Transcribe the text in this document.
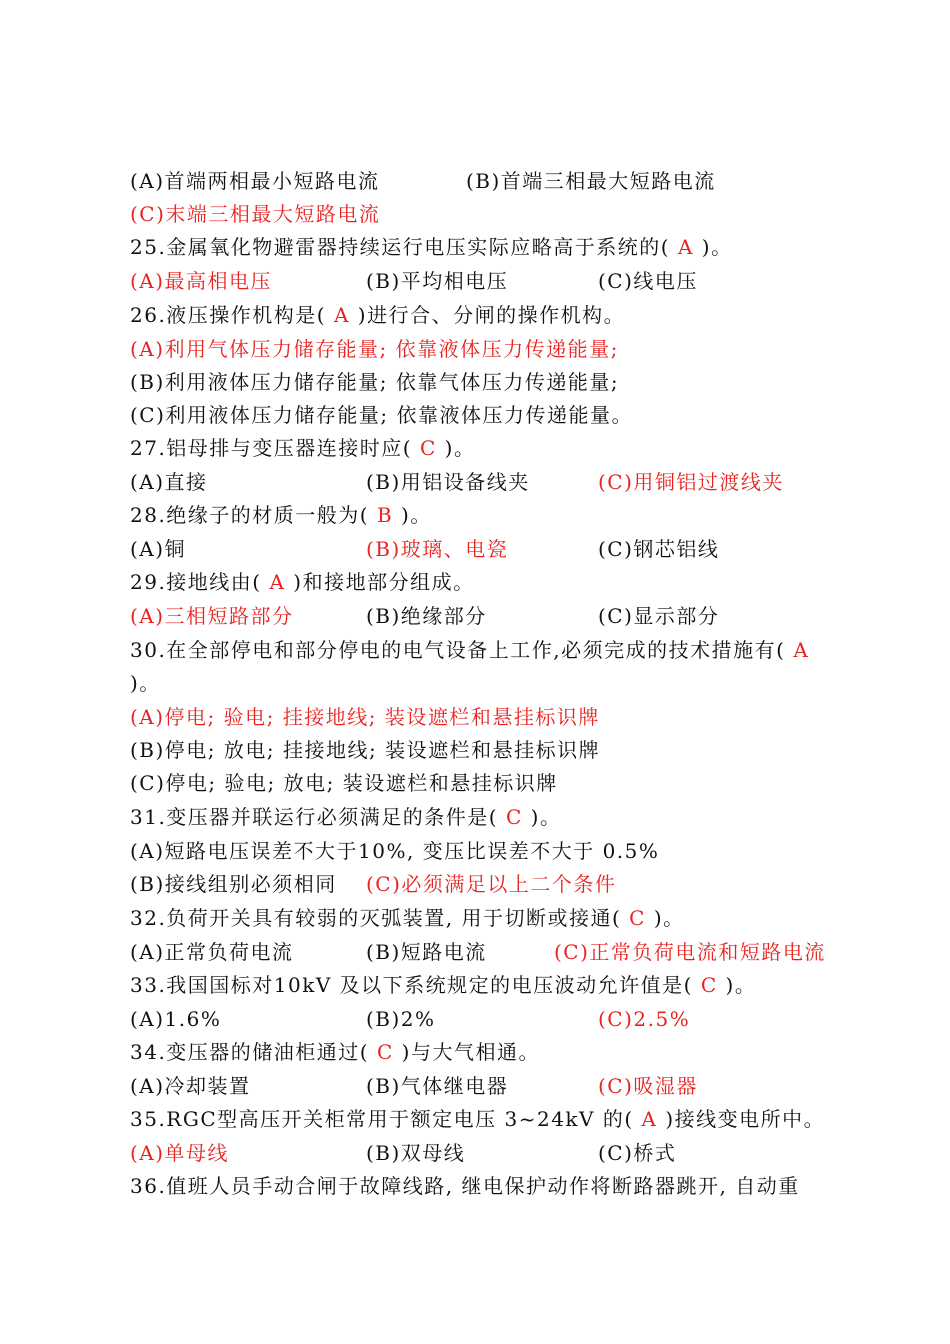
(A)首端两相最小短路电流	(B)首端三相最大短路电流
(C)末端三相最大短路电流
25.金属氧化物避雷器持续运行电压实际应略高于系统的( A )。
(A)最高相电压	(B)平均相电压	(C)线电压
26.液压操作机构是( A )进行合、分闸的操作机构。
(A)利用气体压力储存能量; 依靠液体压力传递能量;
(B)利用液体压力储存能量; 依靠气体压力传递能量;
(C)利用液体压力储存能量; 依靠液体压力传递能量。
27.铝母排与变压器连接时应( C )。
(A)直接	(B)用铝设备线夹	(C)用铜铝过渡线夹
28.绝缘子的材质一般为( B )。
(A)铜	(B)玻璃、电瓷	(C)钢芯铝线
29.接地线由( A )和接地部分组成。
(A)三相短路部分	(B)绝缘部分	(C)显示部分
30.在全部停电和部分停电的电气设备上工作,必须完成的技术措施有( A
)。
(A)停电; 验电; 挂接地线; 装设遮栏和悬挂标识牌
(B)停电; 放电; 挂接地线; 装设遮栏和悬挂标识牌
(C)停电; 验电; 放电; 装设遮栏和悬挂标识牌
31.变压器并联运行必须满足的条件是( C )。
(A)短路电压误差不大于10%, 变压比误差不大于 0.5%
(B)接线组别必须相同 (C)必须满足以上二个条件
32.负荷开关具有较弱的灭弧装置, 用于切断或接通( C )。
(A)正常负荷电流	(B)短路电流	(C)正常负荷电流和短路电流
33.我国国标对10kV 及以下系统规定的电压波动允许值是( C )。
(A)1.6%	(B)2%	(C)2.5%
34.变压器的储油柜通过( C )与大气相通。
(A)冷却装置	(B)气体继电器	(C)吸湿器
35.RGC型高压开关柜常用于额定电压 3~24kV 的( A )接线变电所中。
(A)单母线	(B)双母线	(C)桥式
36.值班人员手动合闸于故障线路, 继电保护动作将断路器跳开, 自动重
